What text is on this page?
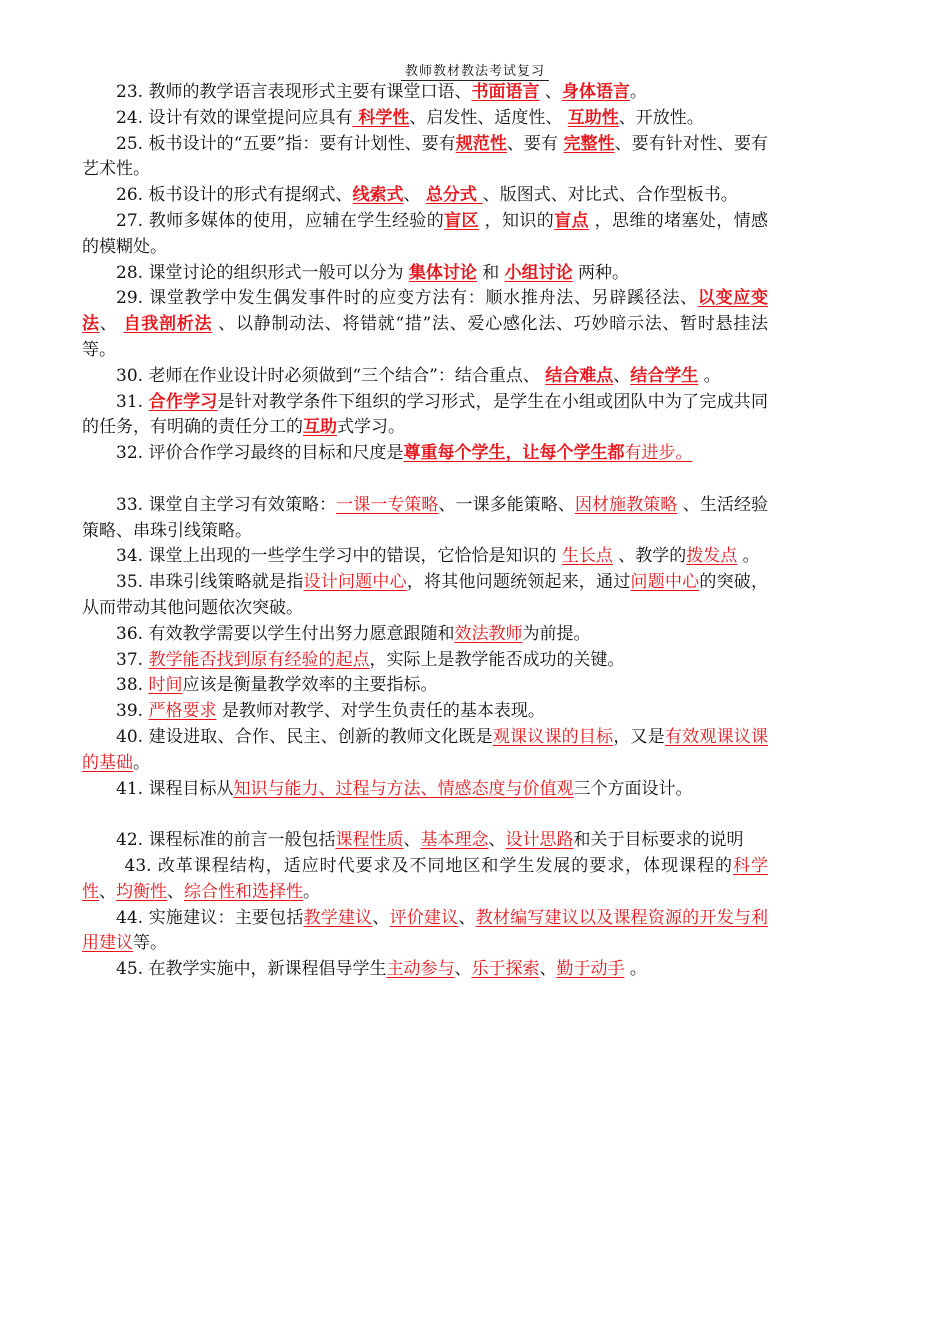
教师教材教法考试复习

23. 教师的教学语言表现形式主要有课堂口语、书面语言 、身体语言。

24. 设计有效的课堂提问应具有 科学性、启发性、适度性、 互助性、开放性。

25. 板书设计的“五要”指：要有计划性、要有规范性、要有 完整性、要有针对性、要有艺术性。

26. 板书设计的形式有提纲式、线索式、 总分式 、版图式、对比式、合作型板书。

27. 教师多媒体的使用，应辅在学生经验的盲区 ，知识的盲点 ，思维的堵塞处，情感的模糊处。

28. 课堂讨论的组织形式一般可以分为 集体讨论 和 小组讨论 两种。

29. 课堂教学中发生偶发事件时的应变方法有：顺水推舟法、另辟蹊径法、以变应变法、 自我剖析法 、以静制动法、将错就“措”法、爱心感化法、巧妙暗示法、暂时悬挂法等。

30. 老师在作业设计时必须做到“三个结合”：结合重点、 结合难点、结合学生 。

31. 合作学习是针对教学条件下组织的学习形式，是学生在小组或团队中为了完成共同的任务，有明确的责任分工的互助式学习。

32. 评价合作学习最终的目标和尺度是尊重每个学生，让每个学生都有进步。

33. 课堂自主学习有效策略：一课一专策略、一课多能策略、因材施教策略 、生活经验策略、串珠引线策略。

34. 课堂上出现的一些学生学习中的错误，它恰恰是知识的 生长点 、教学的拨发点 。

35. 串珠引线策略就是指设计问题中心，将其他问题统领起来，通过问题中心的突破，从而带动其他问题依次突破。

36. 有效教学需要以学生付出努力愿意跟随和效法教师为前提。

37. 教学能否找到原有经验的起点，实际上是教学能否成功的关键。

38. 时间应该是衡量教学效率的主要指标。

39. 严格要求 是教师对教学、对学生负责任的基本表现。

40. 建设进取、合作、民主、创新的教师文化既是观课议课的目标，又是有效观课议课的基础。

41. 课程目标从知识与能力、过程与方法、情感态度与价值观三个方面设计。

42. 课程标准的前言一般包括课程性质、基本理念、设计思路和关于目标要求的说明

43. 改革课程结构，适应时代要求及不同地区和学生发展的要求，体现课程的科学性、均衡性、综合性和选择性。

44. 实施建议：主要包括教学建议、评价建议、教材编写建议以及课程资源的开发与利用建议等。

45. 在教学实施中，新课程倡导学生主动参与、乐于探索、勤于动手 。
